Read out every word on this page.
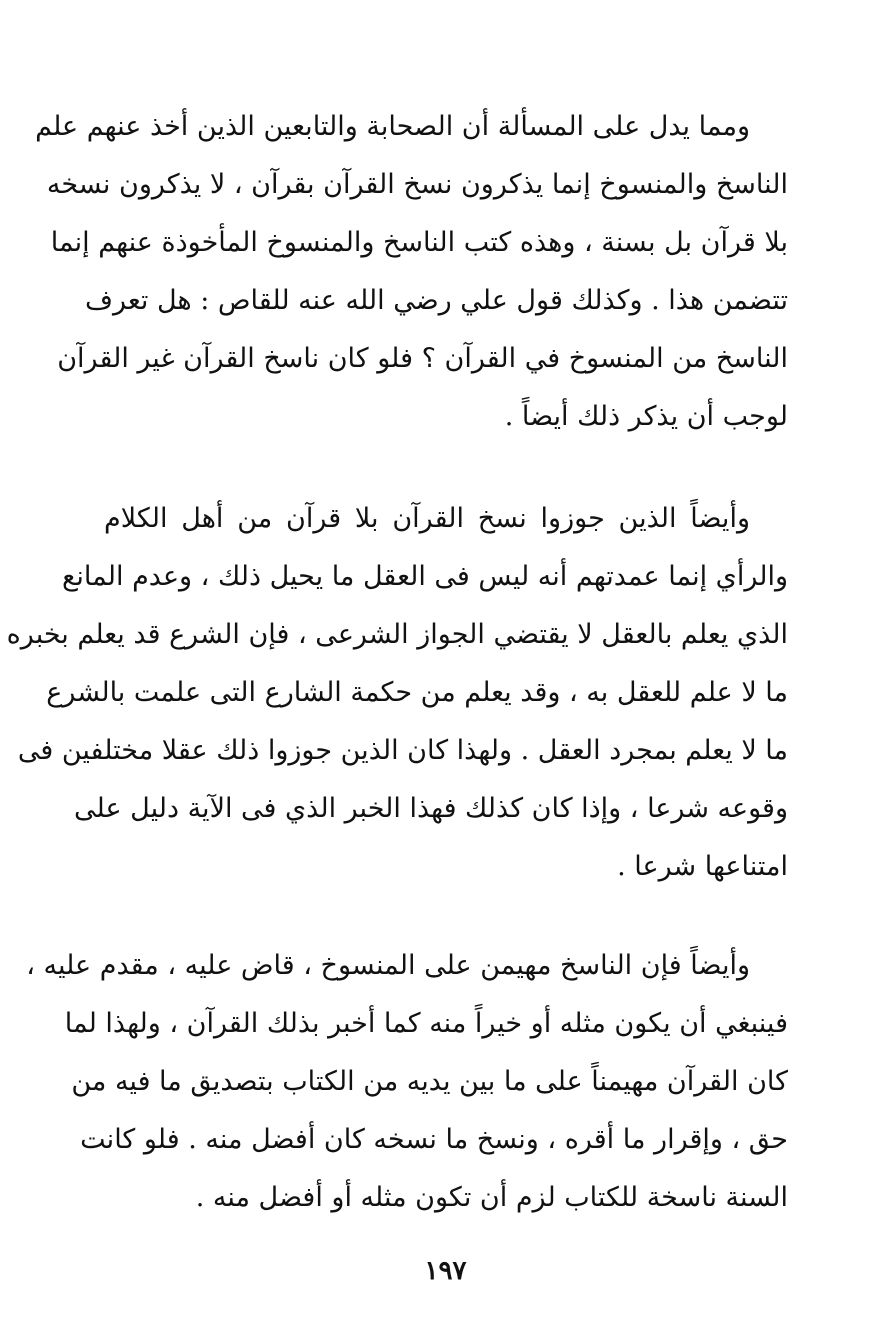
ومما يدل على المسألة أن الصحابة والتابعين الذين أخذ عنهم علم
الناسخ والمنسوخ إنما يذكرون نسخ القرآن بقرآن ، لا يذكرون نسخه
بلا قرآن بل بسنة ، وهذه كتب الناسخ والمنسوخ المأخوذة عنهم إنما
تتضمن هذا . وكذلك قول علي رضي الله عنه للقاص : هل تعرف
الناسخ من المنسوخ في القرآن ؟ فلو كان ناسخ القرآن غير القرآن
لوجب أن يذكر ذلك أيضاً .
وأيضاً الذين جوزوا نسخ القرآن بلا قرآن من أهل الكلام
والرأي إنما عمدتهم أنه ليس فى العقل ما يحيل ذلك ، وعدم المانع
الذي يعلم بالعقل لا يقتضي الجواز الشرعى ، فإن الشرع قد يعلم بخبره
ما لا علم للعقل به ، وقد يعلم من حكمة الشارع التى علمت بالشرع
ما لا يعلم بمجرد العقل . ولهذا كان الذين جوزوا ذلك عقلا مختلفين فى
وقوعه شرعا ، وإذا كان كذلك فهذا الخبر الذي فى الآية دليل على
امتناعها شرعا .
وأيضاً فإن الناسخ مهيمن على المنسوخ ، قاض عليه ، مقدم عليه ،
فينبغي أن يكون مثله أو خيراً منه كما أخبر بذلك القرآن ، ولهذا لما
كان القرآن مهيمناً على ما بين يديه من الكتاب بتصديق ما فيه من
حق ، وإقرار ما أقره ، ونسخ ما نسخه كان أفضل منه . فلو كانت
السنة ناسخة للكتاب لزم أن تكون مثله أو أفضل منه .
١٩٧
